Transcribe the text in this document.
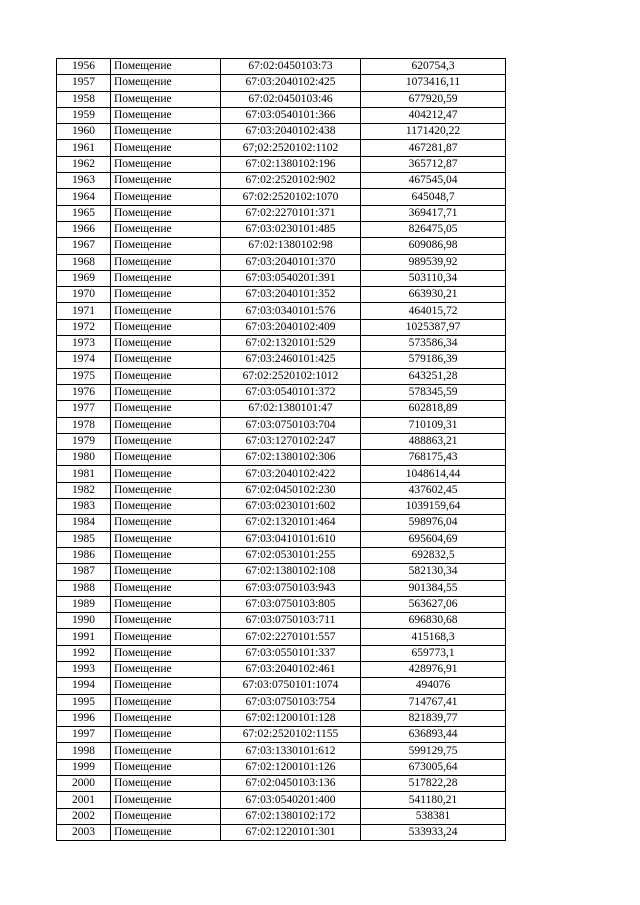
1956	Помещение	67:02:0450103:73	620754,3
1957	Помещение	67:03:2040102:425	1073416,11
1958	Помещение	67:02:0450103:46	677920,59
1959	Помещение	67:03:0540101:366	404212,47
1960	Помещение	67:03:2040102:438	1171420,22
1961	Помещение	67;02:2520102:1102	467281,87
1962	Помещение	67:02:1380102:196	365712,87
1963	Помещение	67:02:2520102:902	467545,04
1964	Помещение	67:02:2520102:1070	645048,7
1965	Помещение	67:02:2270101:371	369417,71
1966	Помещение	67:03:0230101:485	826475,05
1967	Помещение	67:02:1380102:98	609086,98
1968	Помещение	67:03:2040101:370	989539,92
1969	Помещение	67:03:0540201:391	503110,34
1970	Помещение	67:03:2040101:352	663930,21
1971	Помещение	67:03:0340101:576	464015,72
1972	Помещение	67:03:2040102:409	1025387,97
1973	Помещение	67:02:1320101:529	573586,34
1974	Помещение	67:03:2460101:425	579186,39
1975	Помещение	67:02:2520102:1012	643251,28
1976	Помещение	67:03:0540101:372	578345,59
1977	Помещение	67:02:1380101:47	602818,89
1978	Помещение	67:03:0750103:704	710109,31
1979	Помещение	67:03:1270102:247	488863,21
1980	Помещение	67:02:1380102:306	768175,43
1981	Помещение	67:03:2040102:422	1048614,44
1982	Помещение	67:02:0450102:230	437602,45
1983	Помещение	67:03:0230101:602	1039159,64
1984	Помещение	67:02:1320101:464	598976,04
1985	Помещение	67:03:0410101:610	695604,69
1986	Помещение	67:02:0530101:255	692832,5
1987	Помещение	67:02:1380102:108	582130,34
1988	Помещение	67:03:0750103:943	901384,55
1989	Помещение	67:03:0750103:805	563627,06
1990	Помещение	67:03:0750103:711	696830,68
1991	Помещение	67:02:2270101:557	415168,3
1992	Помещение	67:03:0550101:337	659773,1
1993	Помещение	67:03:2040102:461	428976,91
1994	Помещение	67:03:0750101:1074	494076
1995	Помещение	67:03:0750103:754	714767,41
1996	Помещение	67:02:1200101:128	821839,77
1997	Помещение	67:02:2520102:1155	636893,44
1998	Помещение	67:03:1330101:612	599129,75
1999	Помещение	67:02:1200101:126	673005,64
2000	Помещение	67:02:0450103:136	517822,28
2001	Помещение	67:03:0540201:400	541180,21
2002	Помещение	67:02:1380102:172	538381
2003	Помещение	67:02:1220101:301	533933,24
